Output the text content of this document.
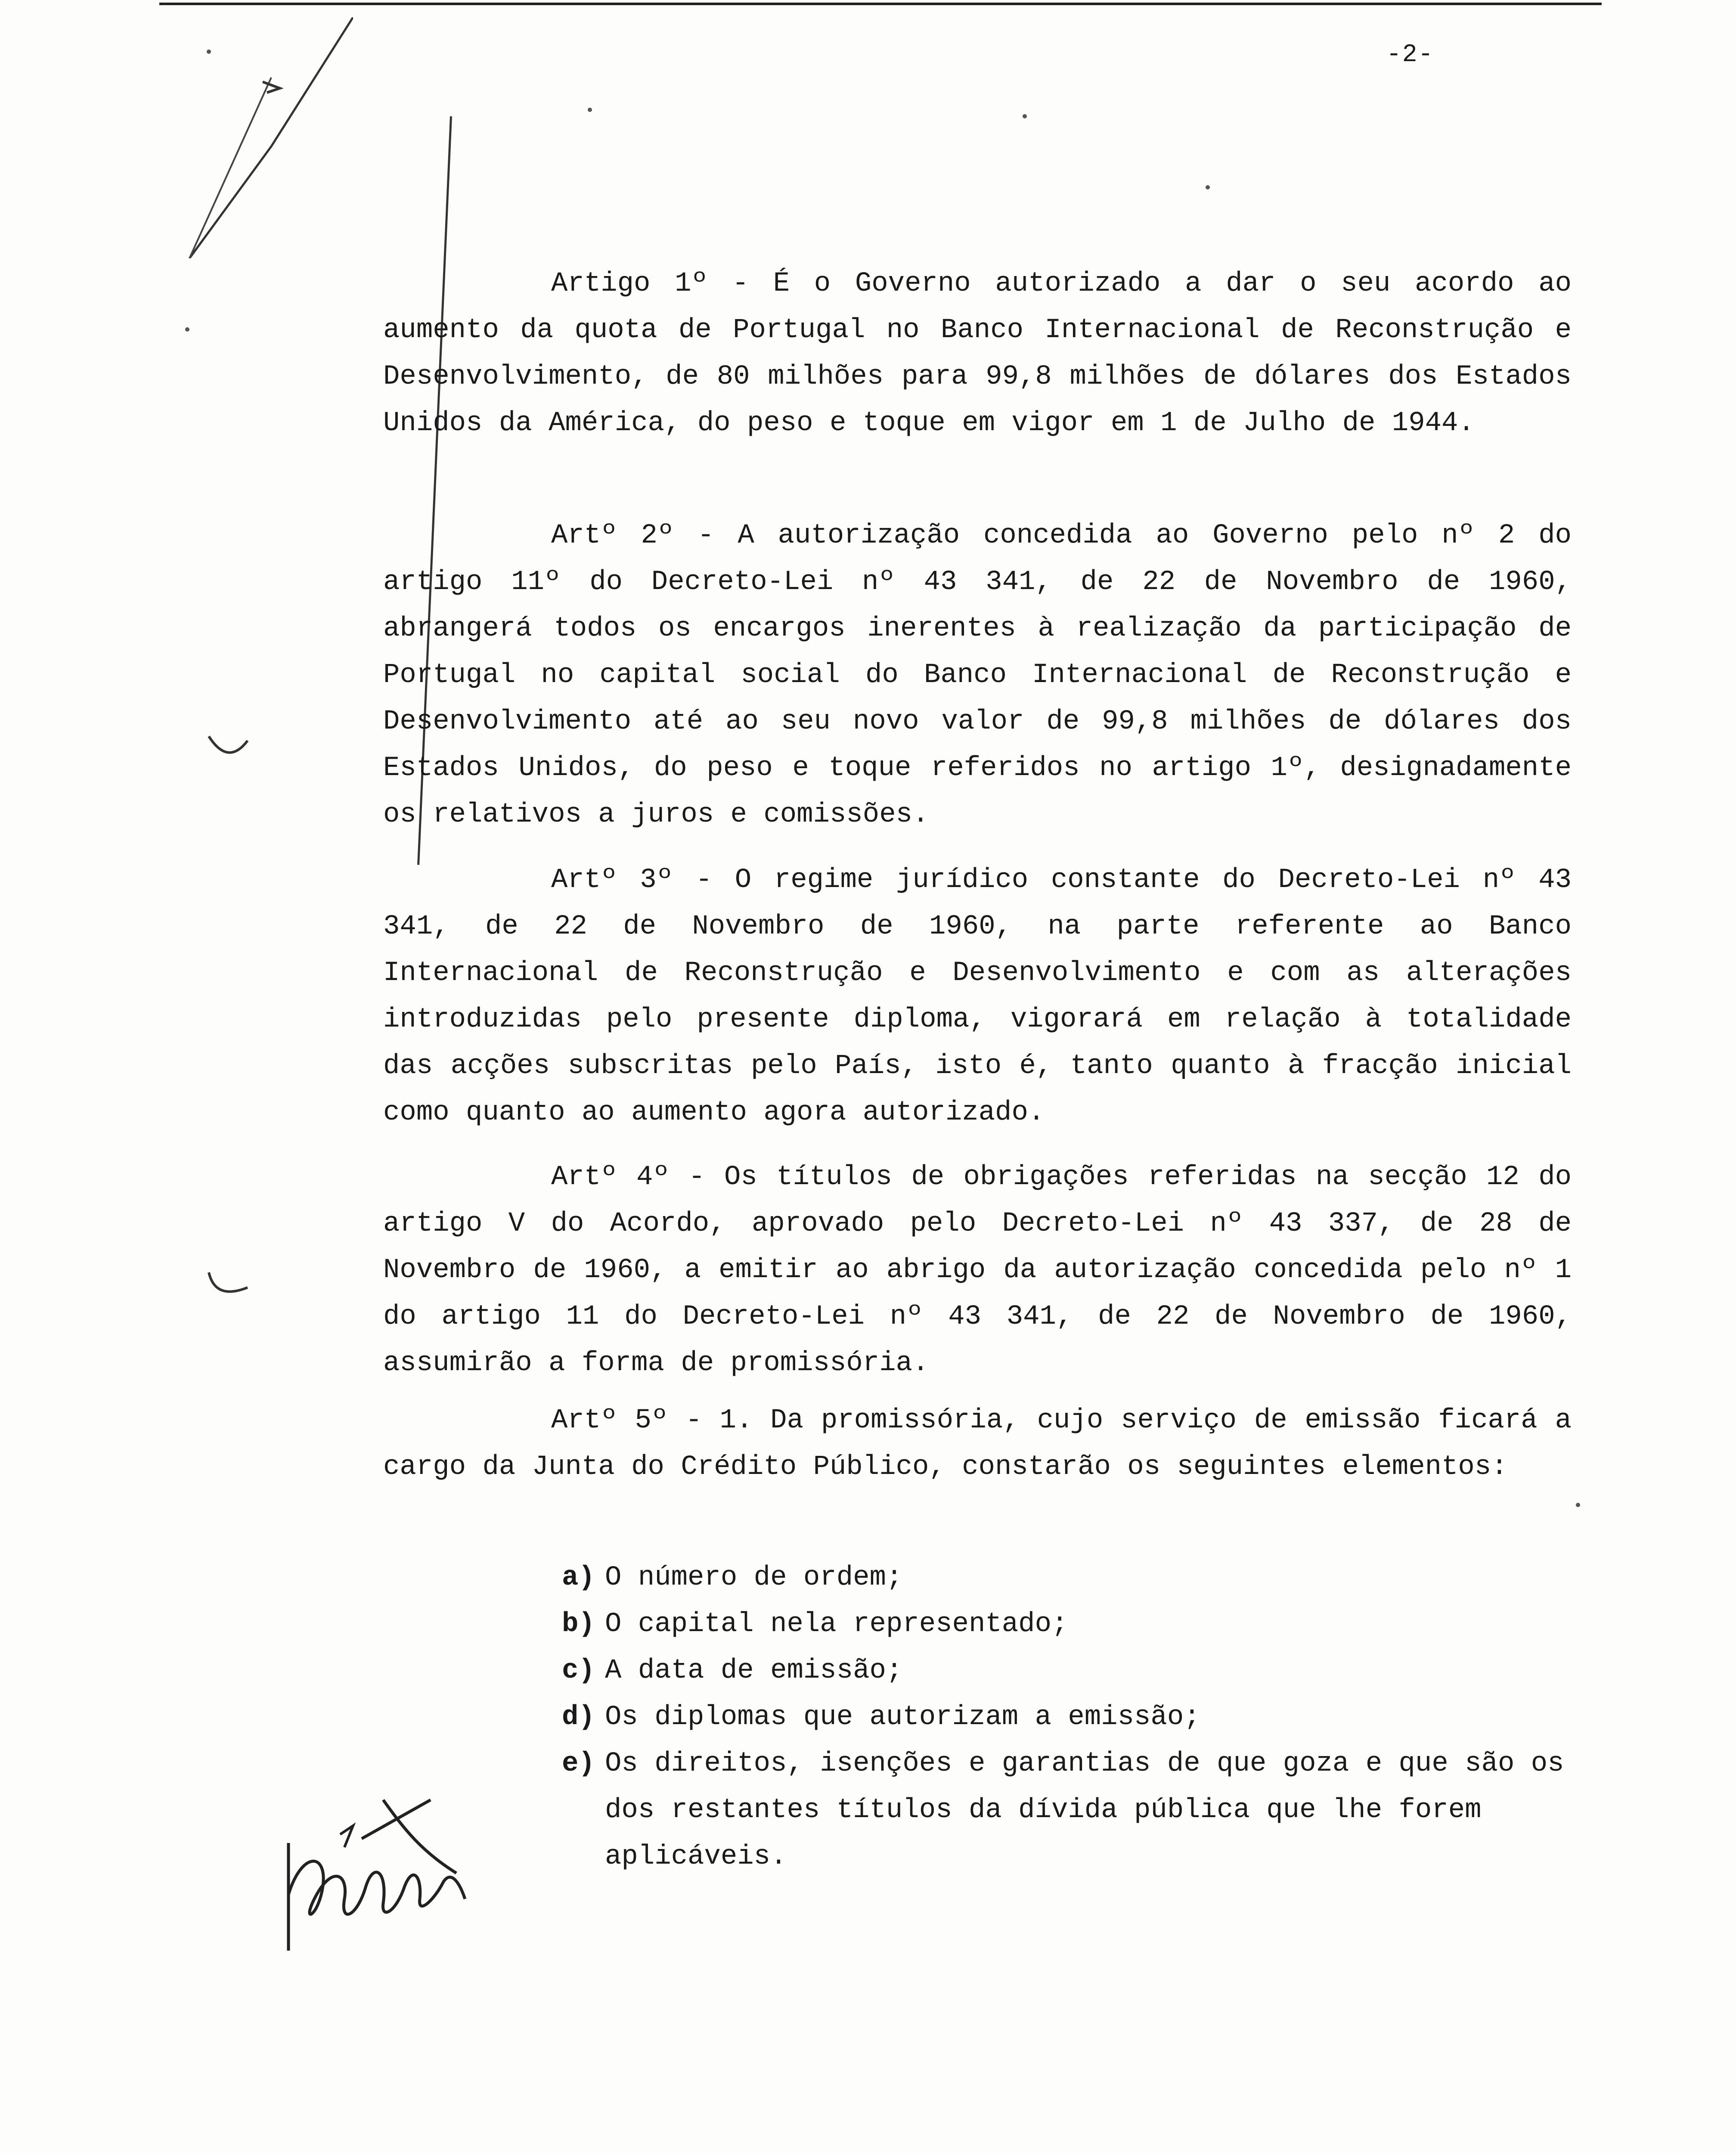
-2-

Artigo 1º - É o Governo autorizado a dar o seu acordo ao aumento da quota de Portugal no Banco Internacional de Reconstrução e Desenvolvimento, de 80 milhões para 99,8 milhões de dólares dos Estados Unidos da América, do peso e toque em vigor em 1 de Julho de 1944.

Artº 2º - A autorização concedida ao Governo pelo nº 2 do artigo 11º do Decreto-Lei nº 43 341, de 22 de Novembro de 1960, abrangerá todos os encargos inerentes à realização da participação de Portugal no capital social do Banco Internacional de Reconstrução e Desenvolvimento até ao seu novo valor de 99,8 milhões de dólares dos Estados Unidos, do peso e toque referidos no artigo 1º, designadamente os relativos a juros e comissões.

Artº 3º - O regime jurídico constante do Decreto-Lei nº 43 341, de 22 de Novembro de 1960, na parte referente ao Banco Internacional de Reconstrução e Desenvolvimento e com as alterações introduzidas pelo presente diploma, vigorará em relação à totalidade das acções subscritas pelo País, isto é, tanto quanto à fracção inicial como quanto ao aumento agora autorizado.

Artº 4º - Os títulos de obrigações referidas na secção 12 do artigo V do Acordo, aprovado pelo Decreto-Lei nº 43 337, de 28 de Novembro de 1960, a emitir ao abrigo da autorização concedida pelo nº 1 do artigo 11 do Decreto-Lei nº 43 341, de 22 de Novembro de 1960, assumirão a forma de promissória.

Artº 5º - 1. Da promissória, cujo serviço de emissão ficará a cargo da Junta do Crédito Público, constarão os seguintes elementos:

a) O número de ordem;
b) O capital nela representado;
c) A data de emissão;
d) Os diplomas que autorizam a emissão;
e) Os direitos, isenções e garantias de que goza e que são os dos restantes títulos da dívida pública que lhe forem aplicáveis.
